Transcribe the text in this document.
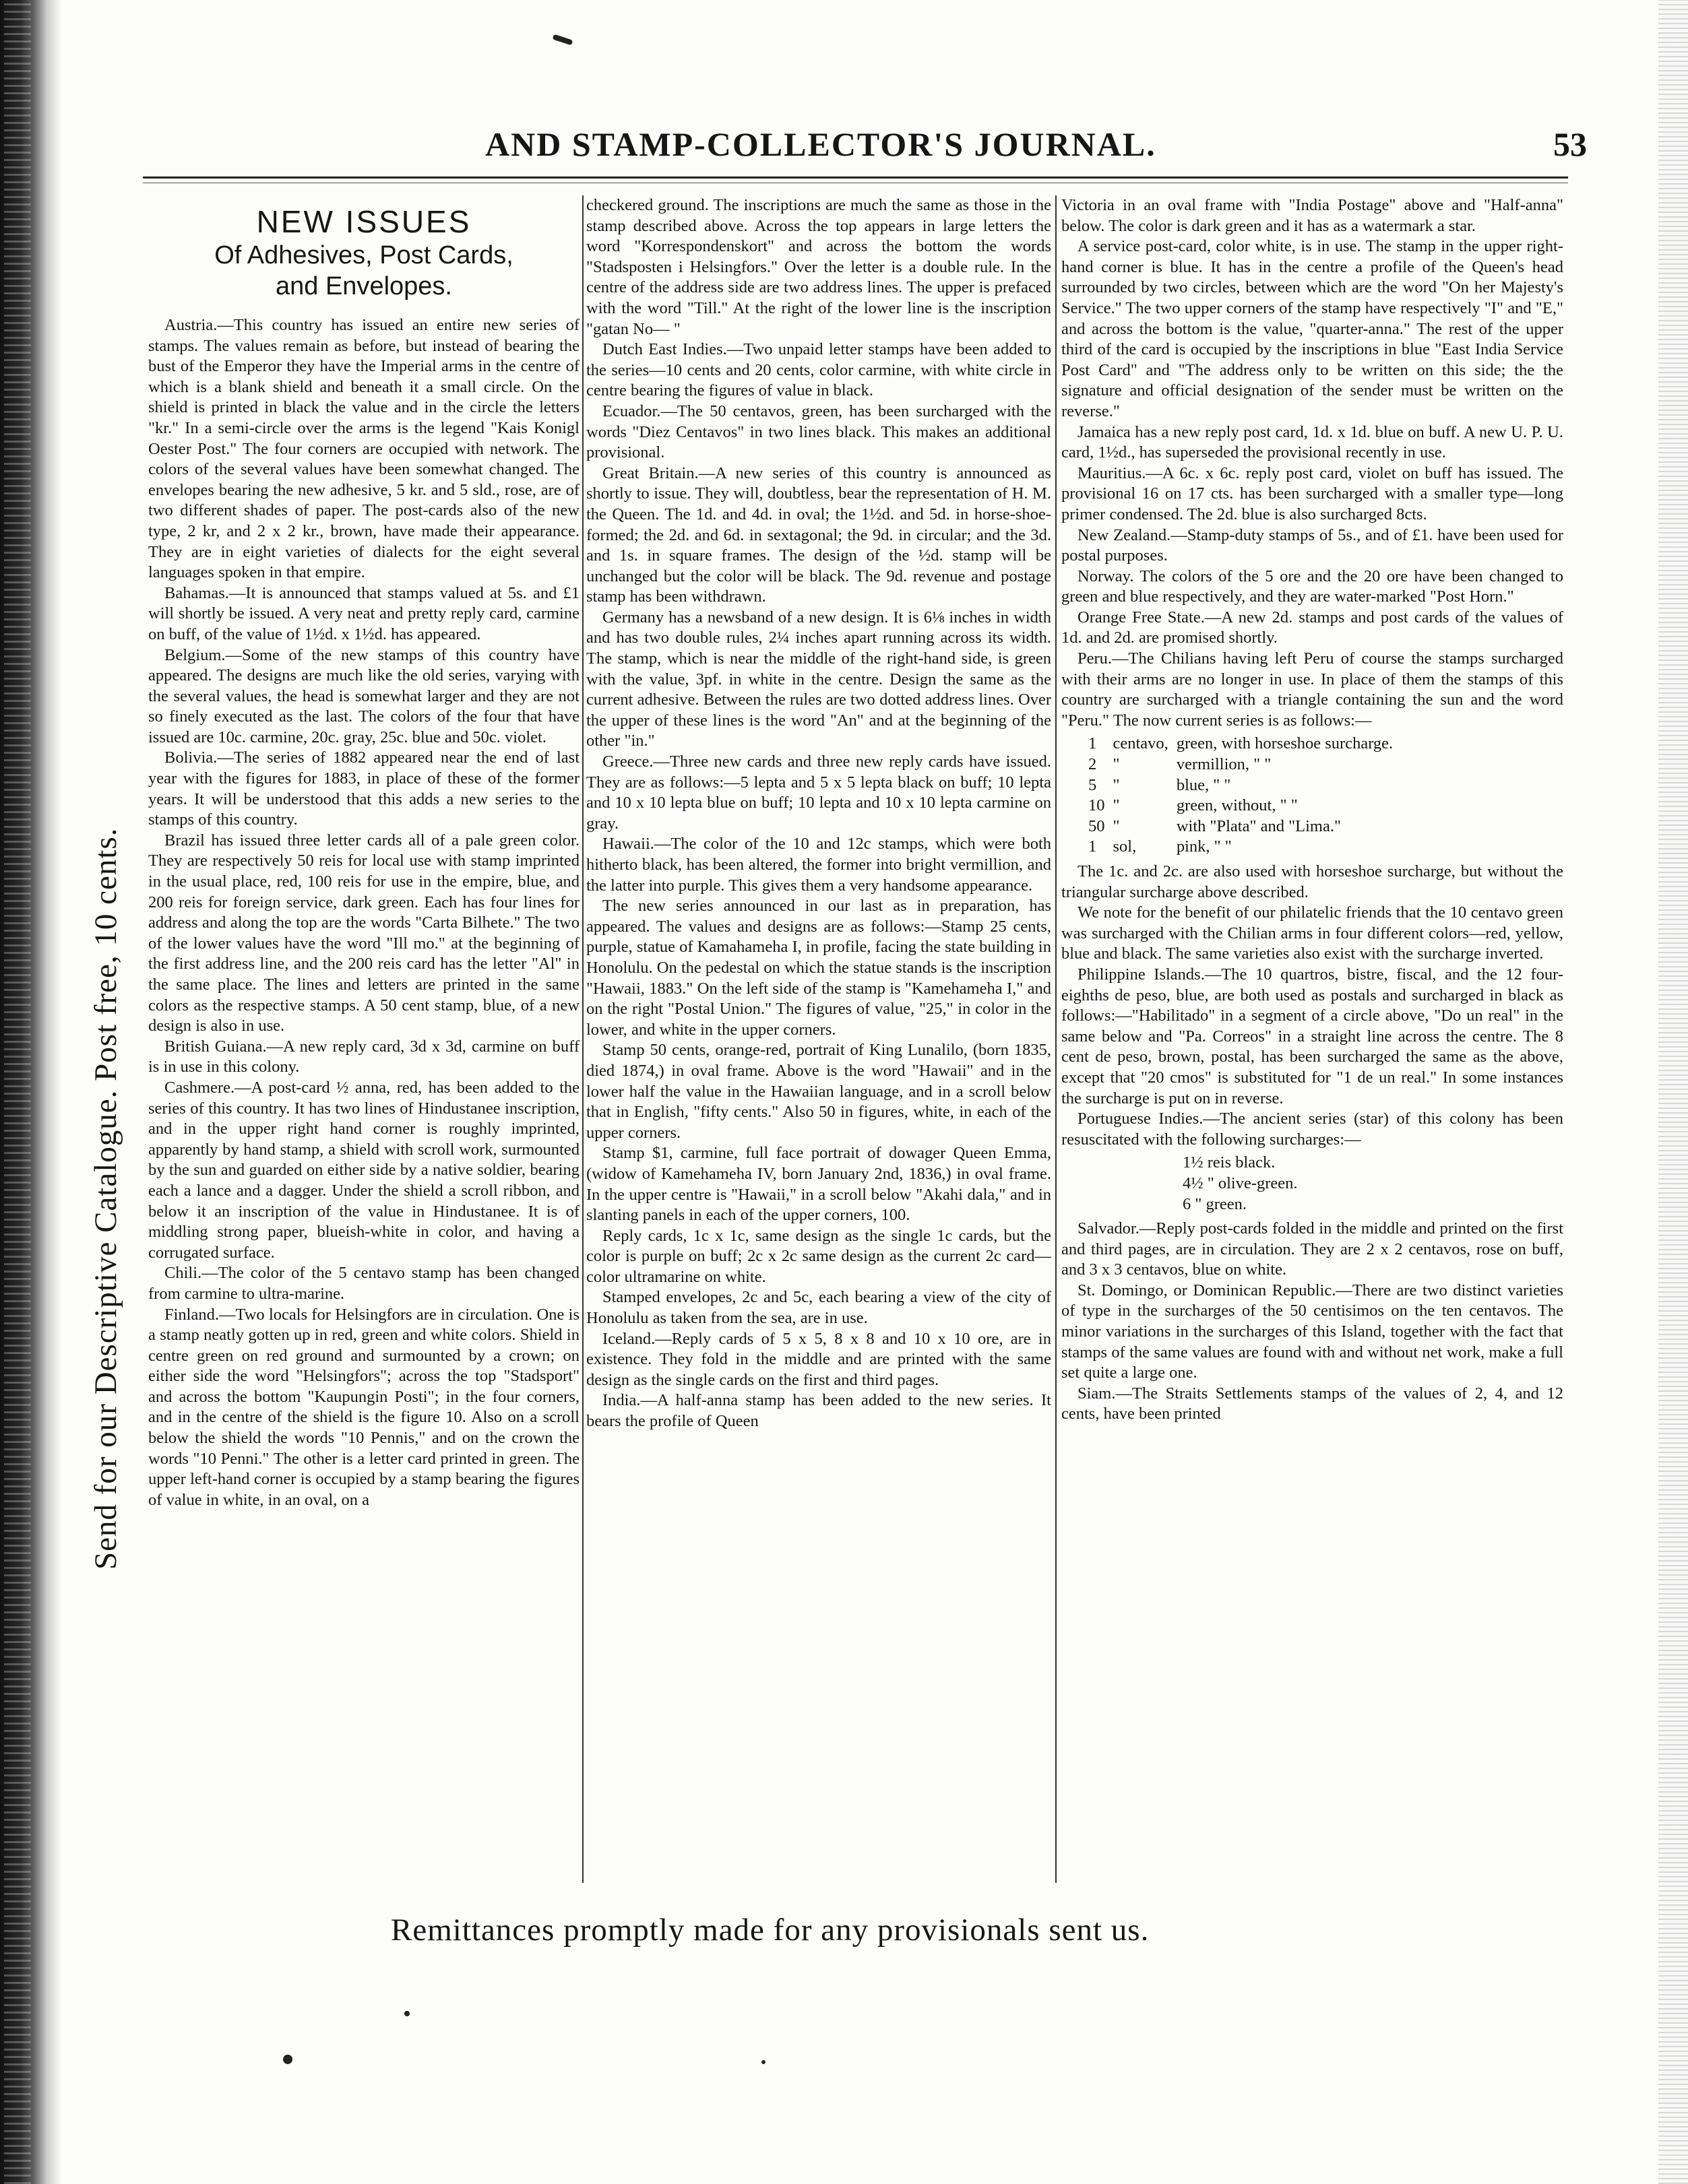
AND STAMP-COLLECTOR'S JOURNAL.	53
Send for our Descriptive Catalogue. Post free, 10 cents.
NEW ISSUES
Of Adhesives, Post Cards,
and Envelopes.

Austria.—This country has issued an entire new series of stamps. The values remain as before, but instead of bearing the bust of the Emperor they have the Imperial arms in the centre of which is a blank shield and beneath it a small circle. On the shield is printed in black the value and in the circle the letters "kr." In a semi-circle over the arms is the legend "Kais Konigl Oester Post." The four corners are occupied with network. The colors of the several values have been somewhat changed. The envelopes bearing the new adhesive, 5 kr. and 5 sld., rose, are of two different shades of paper. The post-cards also of the new type, 2 kr, and 2 x 2 kr., brown, have made their appearance. They are in eight varieties of dialects for the eight several languages spoken in that empire.

Bahamas.—It is announced that stamps valued at 5s. and £1 will shortly be issued. A very neat and pretty reply card, carmine on buff, of the value of 1½d. x 1½d. has appeared.

Belgium.—Some of the new stamps of this country have appeared. The designs are much like the old series, varying with the several values, the head is somewhat larger and they are not so finely executed as the last. The colors of the four that have issued are 10c. carmine, 20c. gray, 25c. blue and 50c. violet.

Bolivia.—The series of 1882 appeared near the end of last year with the figures for 1883, in place of these of the former years. It will be understood that this adds a new series to the stamps of this country.

Brazil has issued three letter cards all of a pale green color. They are respectively 50 reis for local use with stamp imprinted in the usual place, red, 100 reis for use in the empire, blue, and 200 reis for foreign service, dark green. Each has four lines for address and along the top are the words "Carta Bilhete." The two of the lower values have the word "Ill mo." at the beginning of the first address line, and the 200 reis card has the letter "Al" in the same place. The lines and letters are printed in the same colors as the respective stamps. A 50 cent stamp, blue, of a new design is also in use.

British Guiana.—A new reply card, 3d x 3d, carmine on buff is in use in this colony.

Cashmere.—A post-card ½ anna, red, has been added to the series of this country. It has two lines of Hindustanee inscription, and in the upper right hand corner is roughly imprinted, apparently by hand stamp, a shield with scroll work, surmounted by the sun and guarded on either side by a native soldier, bearing each a lance and a dagger. Under the shield a scroll ribbon, and below it an inscription of the value in Hindustanee. It is of middling strong paper, blueish-white in color, and having a corrugated surface.

Chili.—The color of the 5 centavo stamp has been changed from carmine to ultra-marine.

Finland.—Two locals for Helsingfors are in circulation. One is a stamp neatly gotten up in red, green and white colors. Shield in centre green on red ground and surmounted by a crown; on either side the word "Helsingfors"; across the top "Stadsport" and across the bottom "Kaupungin Posti"; in the four corners, and in the centre of the shield is the figure 10. Also on a scroll below the shield the words "10 Pennis," and on the crown the words "10 Penni." The other is a letter card printed in green. The upper left-hand corner is occupied by a stamp bearing the figures of value in white, in an oval, on a

checkered ground. The inscriptions are much the same as those in the stamp described above. Across the top appears in large letters the word "Korrespondenskort" and across the bottom the words "Stadsposten i Helsingfors." Over the letter is a double rule. In the centre of the address side are two address lines. The upper is prefaced with the word "Till." At the right of the lower line is the inscription "gatan No— "

Dutch East Indies.—Two unpaid letter stamps have been added to the series—10 cents and 20 cents, color carmine, with white circle in centre bearing the figures of value in black.

Ecuador.—The 50 centavos, green, has been surcharged with the words "Diez Centavos" in two lines black. This makes an additional provisional.

Great Britain.—A new series of this country is announced as shortly to issue. They will, doubtless, bear the representation of H. M. the Queen. The 1d. and 4d. in oval; the 1½d. and 5d. in horse-shoe-formed; the 2d. and 6d. in sextagonal; the 9d. in circular; and the 3d. and 1s. in square frames. The design of the ½d. stamp will be unchanged but the color will be black. The 9d. revenue and postage stamp has been withdrawn.

Germany has a newsband of a new design. It is 6⅛ inches in width and has two double rules, 2¼ inches apart running across its width. The stamp, which is near the middle of the right-hand side, is green with the value, 3pf. in white in the centre. Design the same as the current adhesive. Between the rules are two dotted address lines. Over the upper of these lines is the word "An" and at the beginning of the other "in."

Greece.—Three new cards and three new reply cards have issued. They are as follows:—5 lepta and 5 x 5 lepta black on buff; 10 lepta and 10 x 10 lepta blue on buff; 10 lepta and 10 x 10 lepta carmine on gray.

Hawaii.—The color of the 10 and 12c stamps, which were both hitherto black, has been altered, the former into bright vermillion, and the latter into purple. This gives them a very handsome appearance.

The new series announced in our last as in preparation, has appeared. The values and designs are as follows:—Stamp 25 cents, purple, statue of Kamahameha I, in profile, facing the state building in Honolulu. On the pedestal on which the statue stands is the inscription "Hawaii, 1883." On the left side of the stamp is "Kamehameha I," and on the right "Postal Union." The figures of value, "25," in color in the lower, and white in the upper corners.

Stamp 50 cents, orange-red, portrait of King Lunalilo, (born 1835, died 1874,) in oval frame. Above is the word "Hawaii" and in the lower half the value in the Hawaiian language, and in a scroll below that in English, "fifty cents." Also 50 in figures, white, in each of the upper corners.

Stamp $1, carmine, full face portrait of dowager Queen Emma, (widow of Kamehameha IV, born January 2nd, 1836,) in oval frame. In the upper centre is "Hawaii," in a scroll below "Akahi dala," and in slanting panels in each of the upper corners, 100.

Reply cards, 1c x 1c, same design as the single 1c cards, but the color is purple on buff; 2c x 2c same design as the current 2c card—color ultramarine on white.

Stamped envelopes, 2c and 5c, each bearing a view of the city of Honolulu as taken from the sea, are in use.

Iceland.—Reply cards of 5 x 5, 8 x 8 and 10 x 10 ore, are in existence. They fold in the middle and are printed with the same design as the single cards on the first and third pages.

India.—A half-anna stamp has been added to the new series. It bears the profile of Queen

Victoria in an oval frame with "India Postage" above and "Half-anna" below. The color is dark green and it has as a watermark a star.

A service post-card, color white, is in use. The stamp in the upper right-hand corner is blue. It has in the centre a profile of the Queen's head surrounded by two circles, between which are the word "On her Majesty's Service." The two upper corners of the stamp have respectively "I" and "E," and across the bottom is the value, "quarter-anna." The rest of the upper third of the card is occupied by the inscriptions in blue "East India Service Post Card" and "The address only to be written on this side; the the signature and official designation of the sender must be written on the reverse."

Jamaica has a new reply post card, 1d. x 1d. blue on buff. A new U. P. U. card, 1½d., has superseded the provisional recently in use.

Mauritius.—A 6c. x 6c. reply post card, violet on buff has issued. The provisional 16 on 17 cts. has been surcharged with a smaller type—long primer condensed. The 2d. blue is also surcharged 8cts.

New Zealand.—Stamp-duty stamps of 5s., and of £1. have been used for postal purposes.

Norway. The colors of the 5 ore and the 20 ore have been changed to green and blue respectively, and they are water-marked "Post Horn."

Orange Free State.—A new 2d. stamps and post cards of the values of 1d. and 2d. are promised shortly.

Peru.—The Chilians having left Peru of course the stamps surcharged with their arms are no longer in use. In place of them the stamps of this country are surcharged with a triangle containing the sun and the word "Peru." The now current series is as follows:—

1	centavo,	green, with horseshoe surcharge.
2	"	vermillion, " "
5	"	blue, " "
10	"	green, without, " "
50	"	with "Plata" and "Lima."
1	sol,	pink, " "

The 1c. and 2c. are also used with horseshoe surcharge, but without the triangular surcharge above described.

We note for the benefit of our philatelic friends that the 10 centavo green was surcharged with the Chilian arms in four different colors—red, yellow, blue and black. The same varieties also exist with the surcharge inverted.

Philippine Islands.—The 10 quartros, bistre, fiscal, and the 12 four-eighths de peso, blue, are both used as postals and surcharged in black as follows:—"Habilitado" in a segment of a circle above, "Do un real" in the same below and "Pa. Correos" in a straight line across the centre. The 8 cent de peso, brown, postal, has been surcharged the same as the above, except that "20 cmos" is substituted for "1 de un real." In some instances the surcharge is put on in reverse.

Portuguese Indies.—The ancient series (star) of this colony has been resuscitated with the following surcharges:—

1½ reis black.
4½ " olive-green.
6 " green.

Salvador.—Reply post-cards folded in the middle and printed on the first and third pages, are in circulation. They are 2 x 2 centavos, rose on buff, and 3 x 3 centavos, blue on white.

St. Domingo, or Dominican Republic.—There are two distinct varieties of type in the surcharges of the 50 centisimos on the ten centavos. The minor variations in the surcharges of this Island, together with the fact that stamps of the same values are found with and without net work, make a full set quite a large one.

Siam.—The Straits Settlements stamps of the values of 2, 4, and 12 cents, have been printed

Remittances promptly made for any provisionals sent us.
